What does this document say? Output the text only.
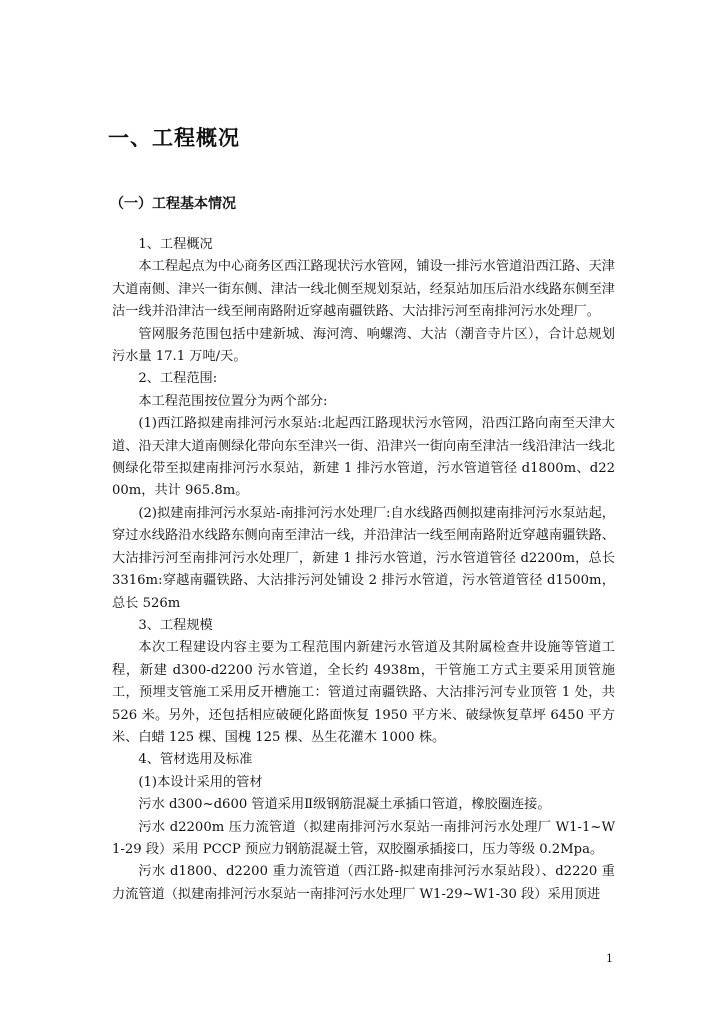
一、工程概况
（一）工程基本情况

1、工程概况

本工程起点为中心商务区西江路现状污水管网，铺设一排污水管道沿西江路、天津大道南侧、津兴一街东侧、津沽一线北侧至规划泵站，经泵站加压后沿水线路东侧至津沽一线并沿津沽一线至闸南路附近穿越南疆铁路、大沽排污河至南排河污水处理厂。

管网服务范围包括中建新城、海河湾、响螺湾、大沽（潮音寺片区），合计总规划污水量 17.1 万吨/天。

2、工程范围:

本工程范围按位置分为两个部分:

(1)西江路拟建南排河污水泵站:北起西江路现状污水管网，沿西江路向南至天津大道、沿天津大道南侧绿化带向东至津兴一街、沿津兴一街向南至津沽一线沿津沽一线北侧绿化带至拟建南排河污水泵站，新建 1 排污水管道，污水管道管径 d1800m、d2200m，共计 965.8m。

(2)拟建南排河污水泵站-南排河污水处理厂:自水线路西侧拟建南排河污水泵站起，穿过水线路沿水线路东侧向南至津沽一线，并沿津沽一线至闸南路附近穿越南疆铁路、大沽排污河至南排河污水处理厂，新建 1 排污水管道，污水管道管径 d2200m，总长 3316m:穿越南疆铁路、大沽排污河处铺设 2 排污水管道，污水管道管径 d1500m，总长 526m

3、工程规模

本次工程建设内容主要为工程范围内新建污水管道及其附属检查井设施等管道工程，新建 d300-d2200 污水管道，全长约 4938m，干管施工方式主要采用顶管施工，预埋支管施工采用反开槽施工：管道过南疆铁路、大沽排污河专业顶管 1 处，共 526 米。另外，还包括相应破硬化路面恢复 1950 平方米、破绿恢复草坪 6450 平方米、白蜡 125 棵、国槐 125 棵、丛生花灌木 1000 株。

4、管材选用及标准

(1)本设计采用的管材

污水 d300~d600 管道采用Ⅱ级钢筋混凝土承插口管道，橡胶圈连接。

污水 d2200m 压力流管道（拟建南排河污水泵站一南排河污水处理厂 W1-1~W1-29 段）采用 PCCP 预应力钢筋混凝土管，双胶圈承插接口，压力等级 0.2Mpa。

污水 d1800、d2200 重力流管道（西江路-拟建南排河污水泵站段）、d2220 重力流管道（拟建南排河污水泵站一南排河污水处理厂 W1-29~W1-30 段）采用顶进

1
